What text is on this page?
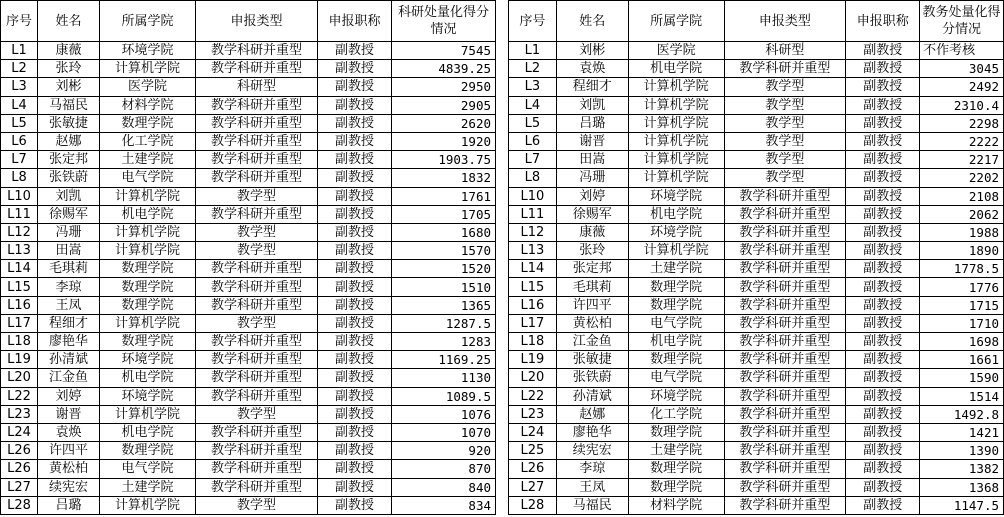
序号	姓名	所属学院	申报类型	申报职称	科研处量化得分情况
L1	康薇	环境学院	教学科研并重型	副教授	7545
L2	张玲	计算机学院	教学科研并重型	副教授	4839.25
L3	刘彬	医学院	科研型	副教授	2950
L4	马福民	材料学院	教学科研并重型	副教授	2905
L5	张敏捷	数理学院	教学科研并重型	副教授	2620
L6	赵娜	化工学院	教学科研并重型	副教授	1920
L7	张定邦	土建学院	教学科研并重型	副教授	1903.75
L8	张铁蔚	电气学院	教学科研并重型	副教授	1832
L10	刘凯	计算机学院	教学型	副教授	1761
L11	徐赐军	机电学院	教学科研并重型	副教授	1705
L12	冯珊	计算机学院	教学型	副教授	1680
L13	田嵩	计算机学院	教学型	副教授	1570
L14	毛琪莉	数理学院	教学科研并重型	副教授	1520
L15	李琼	数理学院	教学科研并重型	副教授	1510
L16	王凤	数理学院	教学科研并重型	副教授	1365
L17	程细才	计算机学院	教学型	副教授	1287.5
L18	廖艳华	数理学院	教学科研并重型	副教授	1283
L19	孙清斌	环境学院	教学科研并重型	副教授	1169.25
L20	江金鱼	机电学院	教学科研并重型	副教授	1130
L22	刘婷	环境学院	教学科研并重型	副教授	1089.5
L23	谢晋	计算机学院	教学型	副教授	1076
L24	袁焕	机电学院	教学科研并重型	副教授	1070
L26	许四平	数理学院	教学科研并重型	副教授	920
L26	黄松柏	电气学院	教学科研并重型	副教授	870
L27	续宪宏	土建学院	教学科研并重型	副教授	840
L28	吕璐	计算机学院	教学型	副教授	834
序号	姓名	所属学院	申报类型	申报职称	教务处量化得分情况
L1	刘彬	医学院	科研型	副教授	不作考核
L2	袁焕	机电学院	教学科研并重型	副教授	3045
L3	程细才	计算机学院	教学型	副教授	2492
L4	刘凯	计算机学院	教学型	副教授	2310.4
L5	吕璐	计算机学院	教学型	副教授	2298
L6	谢晋	计算机学院	教学型	副教授	2222
L7	田嵩	计算机学院	教学型	副教授	2217
L8	冯珊	计算机学院	教学型	副教授	2202
L10	刘婷	环境学院	教学科研并重型	副教授	2108
L11	徐赐军	机电学院	教学科研并重型	副教授	2062
L12	康薇	环境学院	教学科研并重型	副教授	1988
L13	张玲	计算机学院	教学科研并重型	副教授	1890
L14	张定邦	土建学院	教学科研并重型	副教授	1778.5
L15	毛琪莉	数理学院	教学科研并重型	副教授	1776
L16	许四平	数理学院	教学科研并重型	副教授	1715
L17	黄松柏	电气学院	教学科研并重型	副教授	1710
L18	江金鱼	机电学院	教学科研并重型	副教授	1698
L19	张敏捷	数理学院	教学科研并重型	副教授	1661
L20	张铁蔚	电气学院	教学科研并重型	副教授	1590
L22	孙清斌	环境学院	教学科研并重型	副教授	1514
L23	赵娜	化工学院	教学科研并重型	副教授	1492.8
L24	廖艳华	数理学院	教学科研并重型	副教授	1421
L25	续宪宏	土建学院	教学科研并重型	副教授	1390
L26	李琼	数理学院	教学科研并重型	副教授	1382
L27	王凤	数理学院	教学科研并重型	副教授	1368
L28	马福民	材料学院	教学科研并重型	副教授	1147.5
